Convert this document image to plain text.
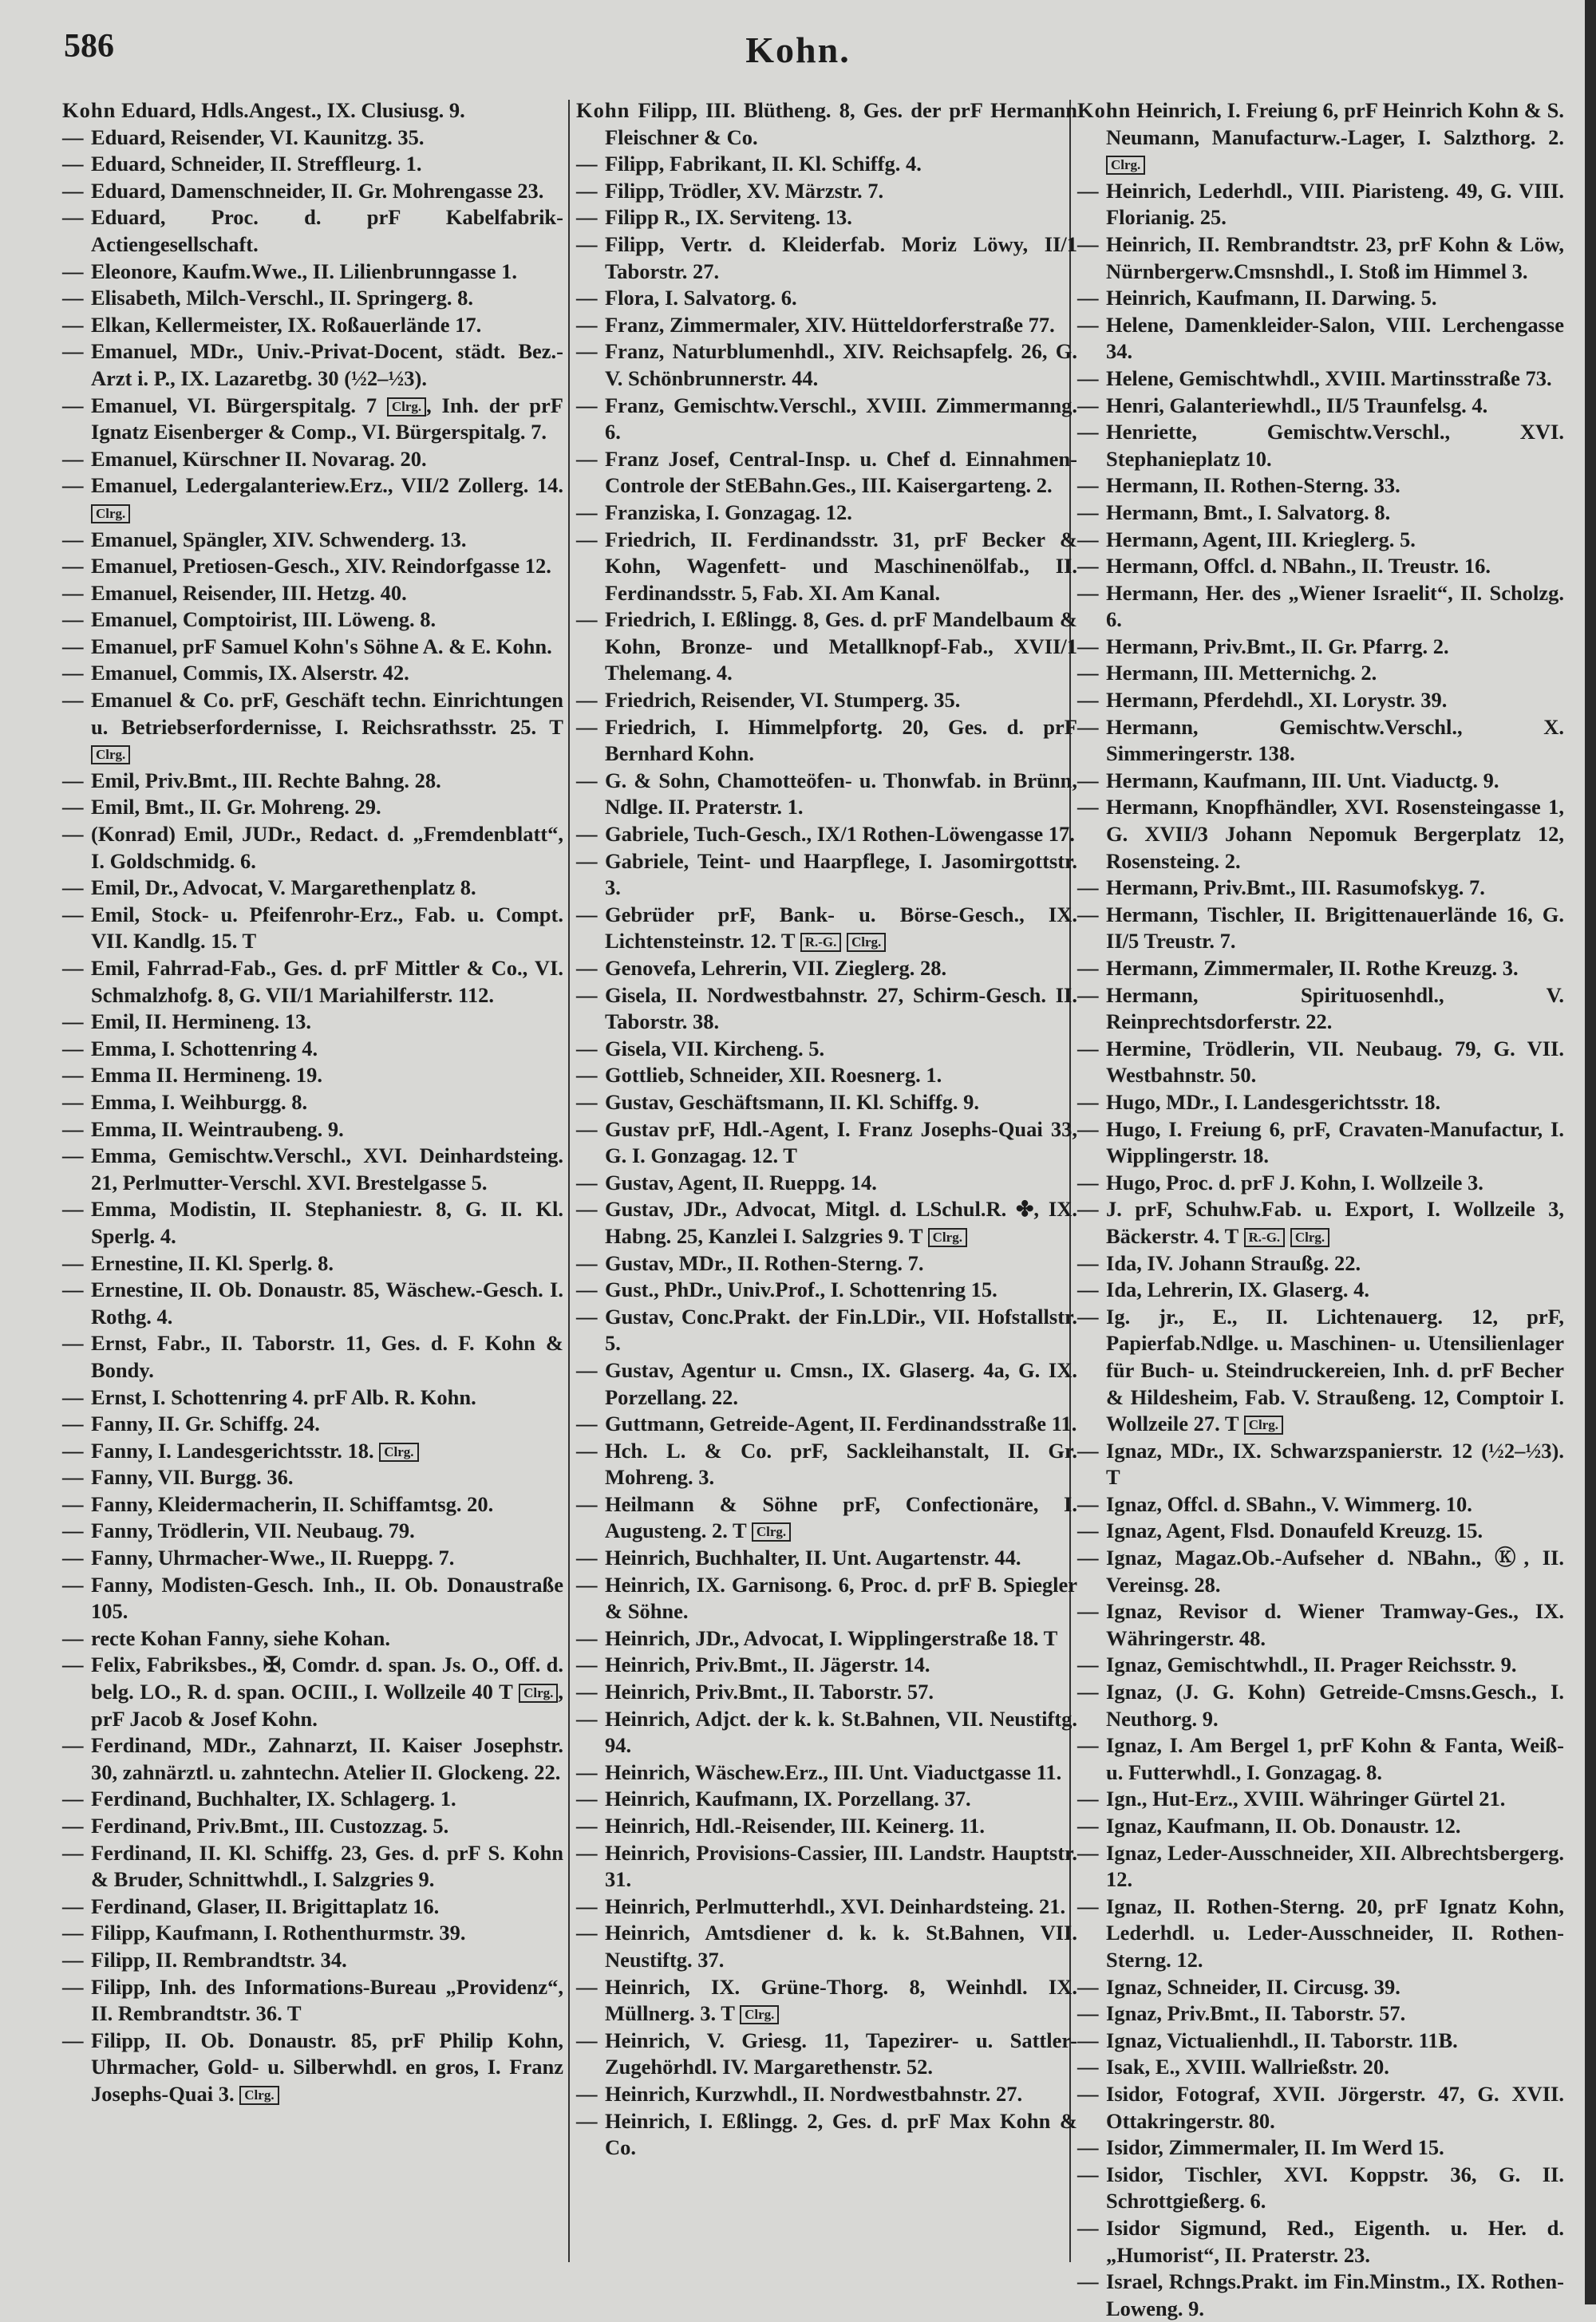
586	Kohn.
Kohn Eduard, Hdls.Angest., IX. Clusiusg. 9.
— Eduard, Reisender, VI. Kaunitzg. 35.
— Eduard, Schneider, II. Strefflеurg. 1.
— Eduard, Damenschneider, II. Gr. Mohrengasse 23.
— Eduard, Proc. d. prF Kabelfabrik-Actiengesellschaft.
— Eleonore, Kaufm.Wwe., II. Lilienbrunngasse 1.
— Elisabeth, Milch-Verschl., II. Springerg. 8.
— Elkan, Kellermeister, IX. Roßauerlände 17.
— Emanuel, MDr., Univ.-Privat-Docent, städt. Bez.-Arzt i. P., IX. Lazaretbg. 30 (½2–½3).
— Emanuel, VI. Bürgerspitalg. 7 Clrg. , Inh. der prF Ignatz Eisenberger & Comp., VI. Bürgerspitalg. 7.
— Emanuel, Kürschner II. Novarag. 20.
— Emanuel, Ledergalanteriew.Erz., VII/2 Zollerg. 14. Clrg.
— Emanuel, Spängler, XIV. Schwenderg. 13.
— Emanuel, Pretiosen-Gesch., XIV. Reindorfgasse 12.
— Emanuel, Reisender, III. Hetzg. 40.
— Emanuel, Comptoirist, III. Löweng. 8.
— Emanuel, prF Samuel Kohn's Söhne A. & E. Kohn.
— Emanuel, Commis, IX. Alserstr. 42.
— Emanuel & Co. prF, Geschäft techn. Einrichtungen u. Betriebserfordernisse, I. Reichsrathsstr. 25. T Clrg.
— Emil, Priv.Bmt., III. Rechte Bahng. 28.
— Emil, Bmt., II. Gr. Mohreng. 29.
— (Konrad) Emil, JUDr., Redact. d. „Fremdenblatt“, I. Goldschmidg. 6.
— Emil, Dr., Advocat, V. Margarethenplatz 8.
— Emil, Stock- u. Pfeifenrohr-Erz., Fab. u. Compt. VII. Kandlg. 15. T
— Emil, Fahrrad-Fab., Ges. d. prF Mittler & Co., VI. Schmalzhofg. 8, G. VII/1 Mariahilferstr. 112.
— Emil, II. Hermineng. 13.
— Emma, I. Schottenring 4.
— Emma II. Hermineng. 19.
— Emma, I. Weihburgg. 8.
— Emma, II. Weintraubeng. 9.
— Emma, Gemischtw.Verschl., XVI. Deinhardsteing. 21, Perlmutter-Verschl. XVI. Brestelgasse 5.
— Emma, Modistin, II. Stephaniestr. 8, G. II. Kl. Sperlg. 4.
— Ernestine, II. Kl. Sperlg. 8.
— Ernestine, II. Ob. Donaustr. 85, Wäschew.-Gesch. I. Rothg. 4.
— Ernst, Fabr., II. Taborstr. 11, Ges. d. F. Kohn & Bondy.
— Ernst, I. Schottenring 4. prF Alb. R. Kohn.
— Fanny, II. Gr. Schiffg. 24.
— Fanny, I. Landesgerichtsstr. 18. Clrg.
— Fanny, VII. Burgg. 36.
— Fanny, Kleidermacherin, II. Schiffamtsg. 20.
— Fanny, Trödlerin, VII. Neubaug. 79.
— Fanny, Uhrmacher-Wwe., II. Rueppg. 7.
— Fanny, Modisten-Gesch. Inh., II. Ob. Donaustraße 105.
— recte Kohan Fanny, siehe Kohan.
— Felix, Fabriksbes., ✠, Comdr. d. span. Js. O., Off. d. belg. LO., R. d. span. OCIII., I. Wollzeile 40 T Clrg. , prF Jacob & Josef Kohn.
— Ferdinand, MDr., Zahnarzt, II. Kaiser Josephstr. 30, zahnärztl. u. zahntechn. Atelier II. Glockeng. 22.
— Ferdinand, Buchhalter, IX. Schlagerg. 1.
— Ferdinand, Priv.Bmt., III. Custozzag. 5.
— Ferdinand, II. Kl. Schiffg. 23, Ges. d. prF S. Kohn & Bruder, Schnittwhdl., I. Salzgries 9.
— Ferdinand, Glaser, II. Brigittaplatz 16.
— Filipp, Kaufmann, I. Rothenthurmstr. 39.
— Filipp, II. Rembrandtstr. 34.
— Filipp, Inh. des Informations-Bureau „Providenz“, II. Rembrandtstr. 36. T
— Filipp, II. Ob. Donaustr. 85, prF Philip Kohn, Uhrmacher, Gold- u. Silberwhdl. en gros, I. Franz Josephs-Quai 3. Clrg.
Kohn Filipp, III. Blütheng. 8, Ges. der prF Hermann Fleischner & Co.
— Filipp, Fabrikant, II. Kl. Schiffg. 4.
— Filipp, Trödler, XV. Märzstr. 7.
— Filipp R., IX. Serviteng. 13.
— Filipp, Vertr. d. Kleiderfab. Moriz Löwy, II/1 Taborstr. 27.
— Flora, I. Salvatorg. 6.
— Franz, Zimmermaler, XIV. Hütteldorferstraße 77.
— Franz, Naturblumenhdl., XIV. Reichsapfelg. 26, G. V. Schönbrunnerstr. 44.
— Franz, Gemischtw.Verschl., XVIII. Zimmermanng. 6.
— Franz Josef, Central-Insp. u. Chef d. Einnahmen-Controle der StEBahn.Ges., III. Kaisergarteng. 2.
— Franziska, I. Gonzagag. 12.
— Friedrich, II. Ferdinandsstr. 31, prF Becker & Kohn, Wagenfett- und Maschinenölfab., II. Ferdinandsstr. 5, Fab. XI. Am Kanal.
— Friedrich, I. Eßlingg. 8, Ges. d. prF Mandelbaum & Kohn, Bronze- und Metallknopf-Fab., XVII/1 Thelemang. 4.
— Friedrich, Reisender, VI. Stumperg. 35.
— Friedrich, I. Himmelpfortg. 20, Ges. d. prF Bernhard Kohn.
— G. & Sohn, Chamotteöfen- u. Thonwfab. in Brünn, Ndlge. II. Praterstr. 1.
— Gabriele, Tuch-Gesch., IX/1 Rothen-Löwengasse 17.
— Gabriele, Teint- und Haarpflege, I. Jasomirgottstr. 3.
— Gebrüder prF, Bank- u. Börse-Gesch., IX. Lichtensteinstr. 12. T R.-G. Clrg.
— Genovefa, Lehrerin, VII. Zieglerg. 28.
— Gisela, II. Nordwestbahnstr. 27, Schirm-Gesch. II. Taborstr. 38.
— Gisela, VII. Kircheng. 5.
— Gottlieb, Schneider, XII. Roesnerg. 1.
— Gustav, Geschäftsmann, II. Kl. Schiffg. 9.
— Gustav prF, Hdl.-Agent, I. Franz Josephs-Quai 33, G. I. Gonzagag. 12. T
— Gustav, Agent, II. Rueppg. 14.
— Gustav, JDr., Advocat, Mitgl. d. LSchul.R. ✤, IX. Habng. 25, Kanzlei I. Salzgries 9. T Clrg.
— Gustav, MDr., II. Rothen-Sterng. 7.
— Gust., PhDr., Univ.Prof., I. Schottenring 15.
— Gustav, Conc.Prakt. der Fin.LDir., VII. Hofstallstr. 5.
— Gustav, Agentur u. Cmsn., IX. Glaserg. 4a, G. IX. Porzellang. 22.
— Guttmann, Getreide-Agent, II. Ferdinandsstraße 11.
— Hch. L. & Co. prF, Sackleihanstalt, II. Gr. Mohreng. 3.
— Heilmann & Söhne prF, Confectionäre, I. Augusteng. 2. T Clrg.
— Heinrich, Buchhalter, II. Unt. Augartenstr. 44.
— Heinrich, IX. Garnisong. 6, Proc. d. prF B. Spiegler & Söhne.
— Heinrich, JDr., Advocat, I. Wipplingerstraße 18. T
— Heinrich, Priv.Bmt., II. Jägerstr. 14.
— Heinrich, Priv.Bmt., II. Taborstr. 57.
— Heinrich, Adjct. der k. k. St.Bahnen, VII. Neustiftg. 94.
— Heinrich, Wäschew.Erz., III. Unt. Viaductgasse 11.
— Heinrich, Kaufmann, IX. Porzellang. 37.
— Heinrich, Hdl.-Reisender, III. Keinerg. 11.
— Heinrich, Provisions-Cassier, III. Landstr. Hauptstr. 31.
— Heinrich, Perlmutterhdl., XVI. Deinhardsteing. 21.
— Heinrich, Amtsdiener d. k. k. St.Bahnen, VII. Neustiftg. 37.
— Heinrich, IX. Grüne-Thorg. 8, Weinhdl. IX. Müllnerg. 3. T Clrg.
— Heinrich, V. Griesg. 11, Tapezirer- u. Sattler-Zugehörhdl. IV. Margarethenstr. 52.
— Heinrich, Kurzwhdl., II. Nordwestbahnstr. 27.
— Heinrich, I. Eßlingg. 2, Ges. d. prF Max Kohn & Co.
Kohn Heinrich, I. Freiung 6, prF Heinrich Kohn & S. Neumann, Manufacturw.-Lager, I. Salzthorg. 2. Clrg.
— Heinrich, Lederhdl., VIII. Piaristeng. 49, G. VIII. Florianig. 25.
— Heinrich, II. Rembrandtstr. 23, prF Kohn & Löw, Nürnbergerw.Cmsnshdl., I. Stoß im Himmel 3.
— Heinrich, Kaufmann, II. Darwing. 5.
— Helene, Damenkleider-Salon, VIII. Lerchengasse 34.
— Helene, Gemischtwhdl., XVIII. Martinsstraße 73.
— Henri, Galanteriewhdl., II/5 Traunfelsg. 4.
— Henriette, Gemischtw.Verschl., XVI. Stephanieplatz 10.
— Hermann, II. Rothen-Sterng. 33.
— Hermann, Bmt., I. Salvatorg. 8.
— Hermann, Agent, III. Krieglerg. 5.
— Hermann, Offcl. d. NBahn., II. Treustr. 16.
— Hermann, Her. des „Wiener Israelit“, II. Scholzg. 6.
— Hermann, Priv.Bmt., II. Gr. Pfarrg. 2.
— Hermann, III. Metternichg. 2.
— Hermann, Pferdehdl., XI. Lorystr. 39.
— Hermann, Gemischtw.Verschl., X. Simmeringerstr. 138.
— Hermann, Kaufmann, III. Unt. Viaductg. 9.
— Hermann, Knopfhändler, XVI. Rosensteingasse 1, G. XVII/3 Johann Nepomuk Bergerplatz 12, Rosensteing. 2.
— Hermann, Priv.Bmt., III. Rasumofskyg. 7.
— Hermann, Tischler, II. Brigittenauerlände 16, G. II/5 Treustr. 7.
— Hermann, Zimmermaler, II. Rothe Kreuzg. 3.
— Hermann, Spirituosenhdl., V. Reinprechtsdorferstr. 22.
— Hermine, Trödlerin, VII. Neubaug. 79, G. VII. Westbahnstr. 50.
— Hugo, MDr., I. Landesgerichtsstr. 18.
— Hugo, I. Freiung 6, prF, Cravaten-Manufactur, I. Wipplingerstr. 18.
— Hugo, Proc. d. prF J. Kohn, I. Wollzeile 3.
— J. prF, Schuhw.Fab. u. Export, I. Wollzeile 3, Bäckerstr. 4. T R.-G. Clrg.
— Ida, IV. Johann Straußg. 22.
— Ida, Lehrerin, IX. Glaserg. 4.
— Ig. jr., E., II. Lichtenauerg. 12, prF, Papierfab.Ndlge. u. Maschinen- u. Utensilienlager für Buch- u. Steindruckereien, Inh. d. prF Becher & Hildesheim, Fab. V. Straußeng. 12, Comptoir I. Wollzeile 27. T Clrg.
— Ignaz, MDr., IX. Schwarzspanierstr. 12 (½2–½3). T
— Ignaz, Offcl. d. SBahn., V. Wimmerg. 10.
— Ignaz, Agent, Flsd. Donaufeld Kreuzg. 15.
— Ignaz, Magaz.Ob.-Aufseher d. NBahn., Ⓚ, II. Vereinsg. 28.
— Ignaz, Revisor d. Wiener Tramway-Ges., IX. Währingerstr. 48.
— Ignaz, Gemischtwhdl., II. Prager Reichsstr. 9.
— Ignaz, (J. G. Kohn) Getreide-Cmsns.Gesch., I. Neuthorg. 9.
— Ignaz, I. Am Bergel 1, prF Kohn & Fanta, Weiß- u. Futterwhdl., I. Gonzagag. 8.
— Ign., Hut-Erz., XVIII. Währinger Gürtel 21.
— Ignaz, Kaufmann, II. Ob. Donaustr. 12.
— Ignaz, Leder-Ausschneider, XII. Albrechtsbergerg. 12.
— Ignaz, II. Rothen-Sterng. 20, prF Ignatz Kohn, Lederhdl. u. Leder-Ausschneider, II. Rothen-Sterng. 12.
— Ignaz, Schneider, II. Circusg. 39.
— Ignaz, Priv.Bmt., II. Taborstr. 57.
— Ignaz, Victualienhdl., II. Taborstr. 11B.
— Isak, E., XVIII. Wallrießstr. 20.
— Isidor, Fotograf, XVII. Jörgerstr. 47, G. XVII. Ottakringerstr. 80.
— Isidor, Zimmermaler, II. Im Werd 15.
— Isidor, Tischler, XVI. Koppstr. 36, G. II. Schrottgießerg. 6.
— Isidor Sigmund, Red., Eigenth. u. Her. d. „Humorist“, II. Praterstr. 23.
— Israel, Rchngs.Prakt. im Fin.Minstm., IX. Rothen-Loweng. 9.
